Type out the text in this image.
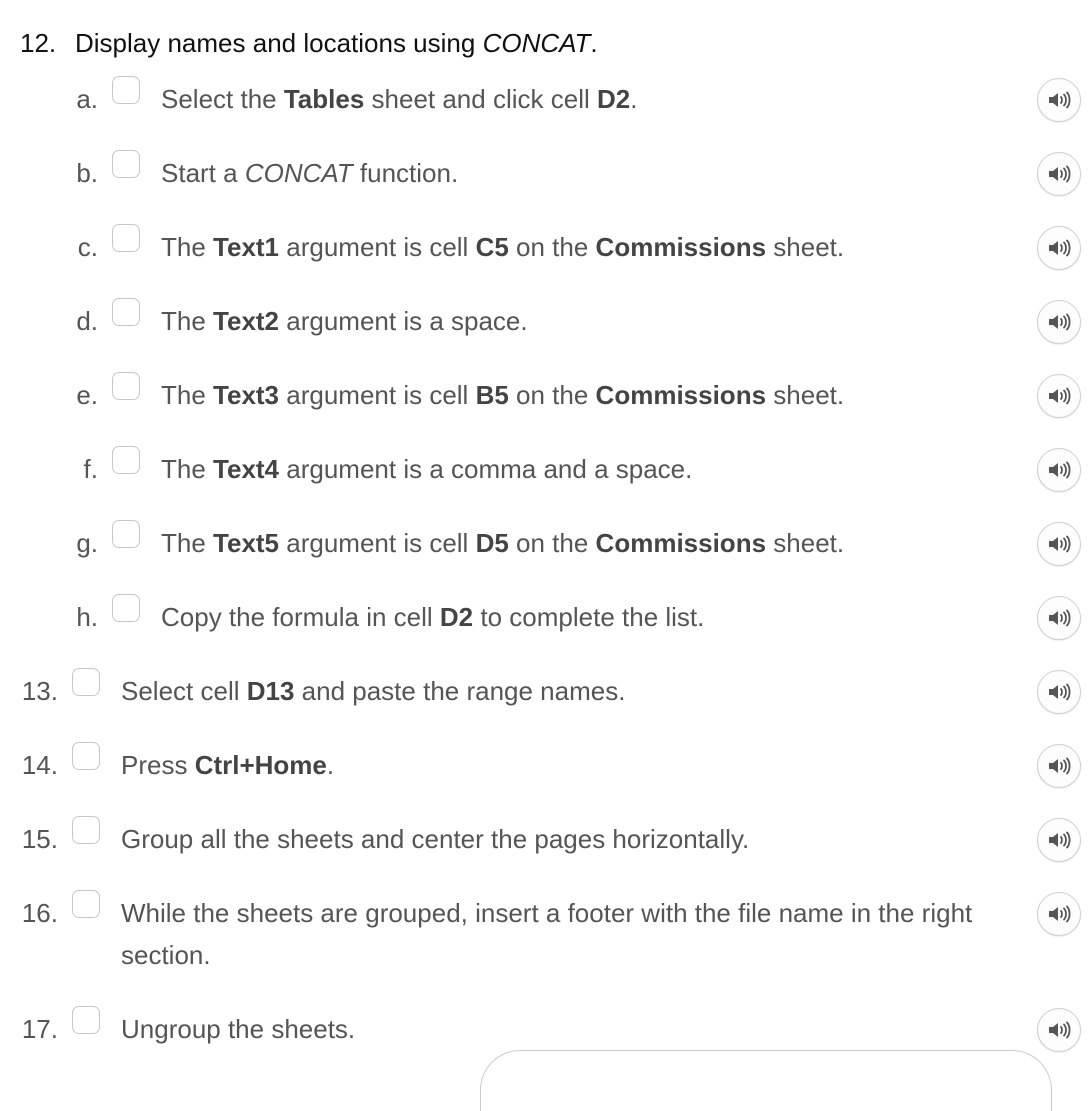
12. Display names and locations using CONCAT.
a. Select the Tables sheet and click cell D2.
b. Start a CONCAT function.
c. The Text1 argument is cell C5 on the Commissions sheet.
d. The Text2 argument is a space.
e. The Text3 argument is cell B5 on the Commissions sheet.
f. The Text4 argument is a comma and a space.
g. The Text5 argument is cell D5 on the Commissions sheet.
h. Copy the formula in cell D2 to complete the list.
13. Select cell D13 and paste the range names.
14. Press Ctrl+Home.
15. Group all the sheets and center the pages horizontally.
16. While the sheets are grouped, insert a footer with the file name in the right section.
17. Ungroup the sheets.
